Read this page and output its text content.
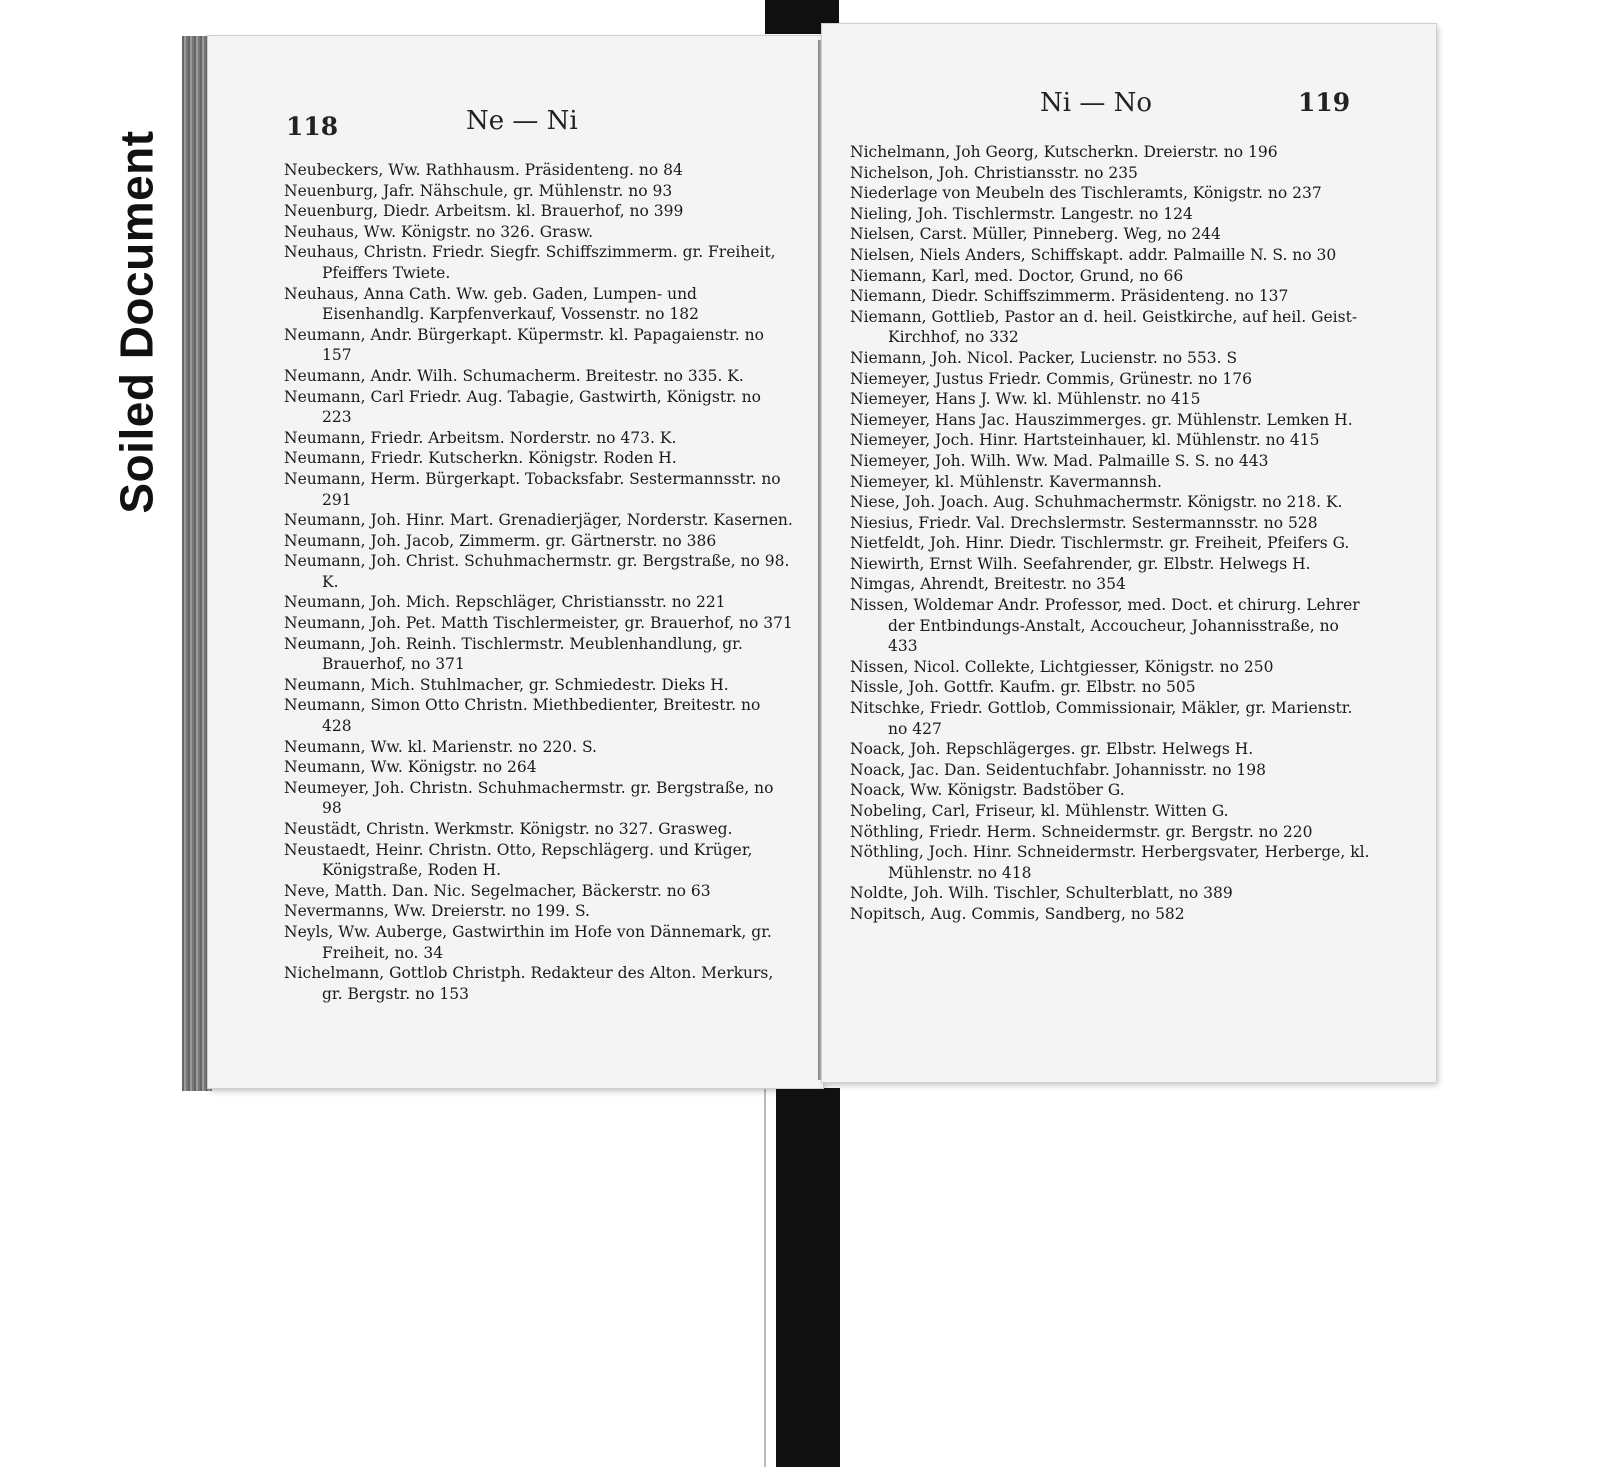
Soiled Document
118	Ne — Ni
Neubeckers, Ww. Rathhausm. Präsidenteng. no 84
Neuenburg, Jafr. Nähschule, gr. Mühlenstr. no 93
Neuenburg, Diedr. Arbeitsm. kl. Brauerhof, no 399
Neuhaus, Ww. Königstr. no 326. Grasw.
Neuhaus, Christn. Friedr. Siegfr. Schiffszimmerm. gr. Freiheit, Pfeiffers Twiete.
Neuhaus, Anna Cath. Ww. geb. Gaden, Lumpen- und Eisenhandlg. Karpfenverkauf, Vossenstr. no 182
Neumann, Andr. Bürgerkapt. Küpermstr. kl. Papagaienstr. no 157
Neumann, Andr. Wilh. Schumacherm. Breitestr. no 335. K.
Neumann, Carl Friedr. Aug. Tabagie, Gastwirth, Königstr. no 223
Neumann, Friedr. Arbeitsm. Norderstr. no 473. K.
Neumann, Friedr. Kutscherkn. Königstr. Roden H.
Neumann, Herm. Bürgerkapt. Tobacksfabr. Sestermannsstr. no 291
Neumann, Joh. Hinr. Mart. Grenadierjäger, Norderstr. Kasernen.
Neumann, Joh. Jacob, Zimmerm. gr. Gärtnerstr. no 386
Neumann, Joh. Christ. Schuhmachermstr. gr. Bergstraße, no 98. K.
Neumann, Joh. Mich. Repschläger, Christiansstr. no 221
Neumann, Joh. Pet. Matth Tischlermeister, gr. Brauerhof, no 371
Neumann, Joh. Reinh. Tischlermstr. Meublenhandlung, gr. Brauerhof, no 371
Neumann, Mich. Stuhlmacher, gr. Schmiedestr. Dieks H.
Neumann, Simon Otto Christn. Miethbedienter, Breitestr. no 428
Neumann, Ww. kl. Marienstr. no 220. S.
Neumann, Ww. Königstr. no 264
Neumeyer, Joh. Christn. Schuhmachermstr. gr. Bergstraße, no 98
Neustädt, Christn. Werkmstr. Königstr. no 327. Grasweg.
Neustaedt, Heinr. Christn. Otto, Repschlägerg. und Krüger, Königstraße, Roden H.
Neve, Matth. Dan. Nic. Segelmacher, Bäckerstr. no 63
Nevermanns, Ww. Dreierstr. no 199. S.
Neyls, Ww. Auberge, Gastwirthin im Hofe von Dännemark, gr. Freiheit, no. 34
Nichelmann, Gottlob Christph. Redakteur des Alton. Merkurs, gr. Bergstr. no 153
Ni — No	119
Nichelmann, Joh Georg, Kutscherkn. Dreierstr. no 196
Nichelson, Joh. Christiansstr. no 235
Niederlage von Meubeln des Tischleramts, Königstr. no 237
Nieling, Joh. Tischlermstr. Langestr. no 124
Nielsen, Carst. Müller, Pinneberg. Weg, no 244
Nielsen, Niels Anders, Schiffskapt. addr. Palmaille N. S. no 30
Niemann, Karl, med. Doctor, Grund, no 66
Niemann, Diedr. Schiffszimmerm. Präsidenteng. no 137
Niemann, Gottlieb, Pastor an d. heil. Geistkirche, auf heil. Geist-Kirchhof, no 332
Niemann, Joh. Nicol. Packer, Lucienstr. no 553. S
Niemeyer, Justus Friedr. Commis, Grünestr. no 176
Niemeyer, Hans J. Ww. kl. Mühlenstr. no 415
Niemeyer, Hans Jac. Hauszimmerges. gr. Mühlenstr. Lemken H.
Niemeyer, Joch. Hinr. Hartsteinhauer, kl. Mühlenstr. no 415
Niemeyer, Joh. Wilh. Ww. Mad. Palmaille S. S. no 443
Niemeyer, kl. Mühlenstr. Kavermannsh.
Niese, Joh. Joach. Aug. Schuhmachermstr. Königstr. no 218. K.
Niesius, Friedr. Val. Drechslermstr. Sestermannsstr. no 528
Nietfeldt, Joh. Hinr. Diedr. Tischlermstr. gr. Freiheit, Pfeifers G.
Niewirth, Ernst Wilh. Seefahrender, gr. Elbstr. Helwegs H.
Nimgas, Ahrendt, Breitestr. no 354
Nissen, Woldemar Andr. Professor, med. Doct. et chirurg. Lehrer der Entbindungs-Anstalt, Accoucheur, Johannisstraße, no 433
Nissen, Nicol. Collekte, Lichtgiesser, Königstr. no 250
Nissle, Joh. Gottfr. Kaufm. gr. Elbstr. no 505
Nitschke, Friedr. Gottlob, Commissionair, Mäkler, gr. Marienstr. no 427
Noack, Joh. Repschlägerges. gr. Elbstr. Helwegs H.
Noack, Jac. Dan. Seidentuchfabr. Johannisstr. no 198
Noack, Ww. Königstr. Badstöber G.
Nobeling, Carl, Friseur, kl. Mühlenstr. Witten G.
Nöthling, Friedr. Herm. Schneidermstr. gr. Bergstr. no 220
Nöthling, Joch. Hinr. Schneidermstr. Herbergsvater, Herberge, kl. Mühlenstr. no 418
Noldte, Joh. Wilh. Tischler, Schulterblatt, no 389
Nopitsch, Aug. Commis, Sandberg, no 582
